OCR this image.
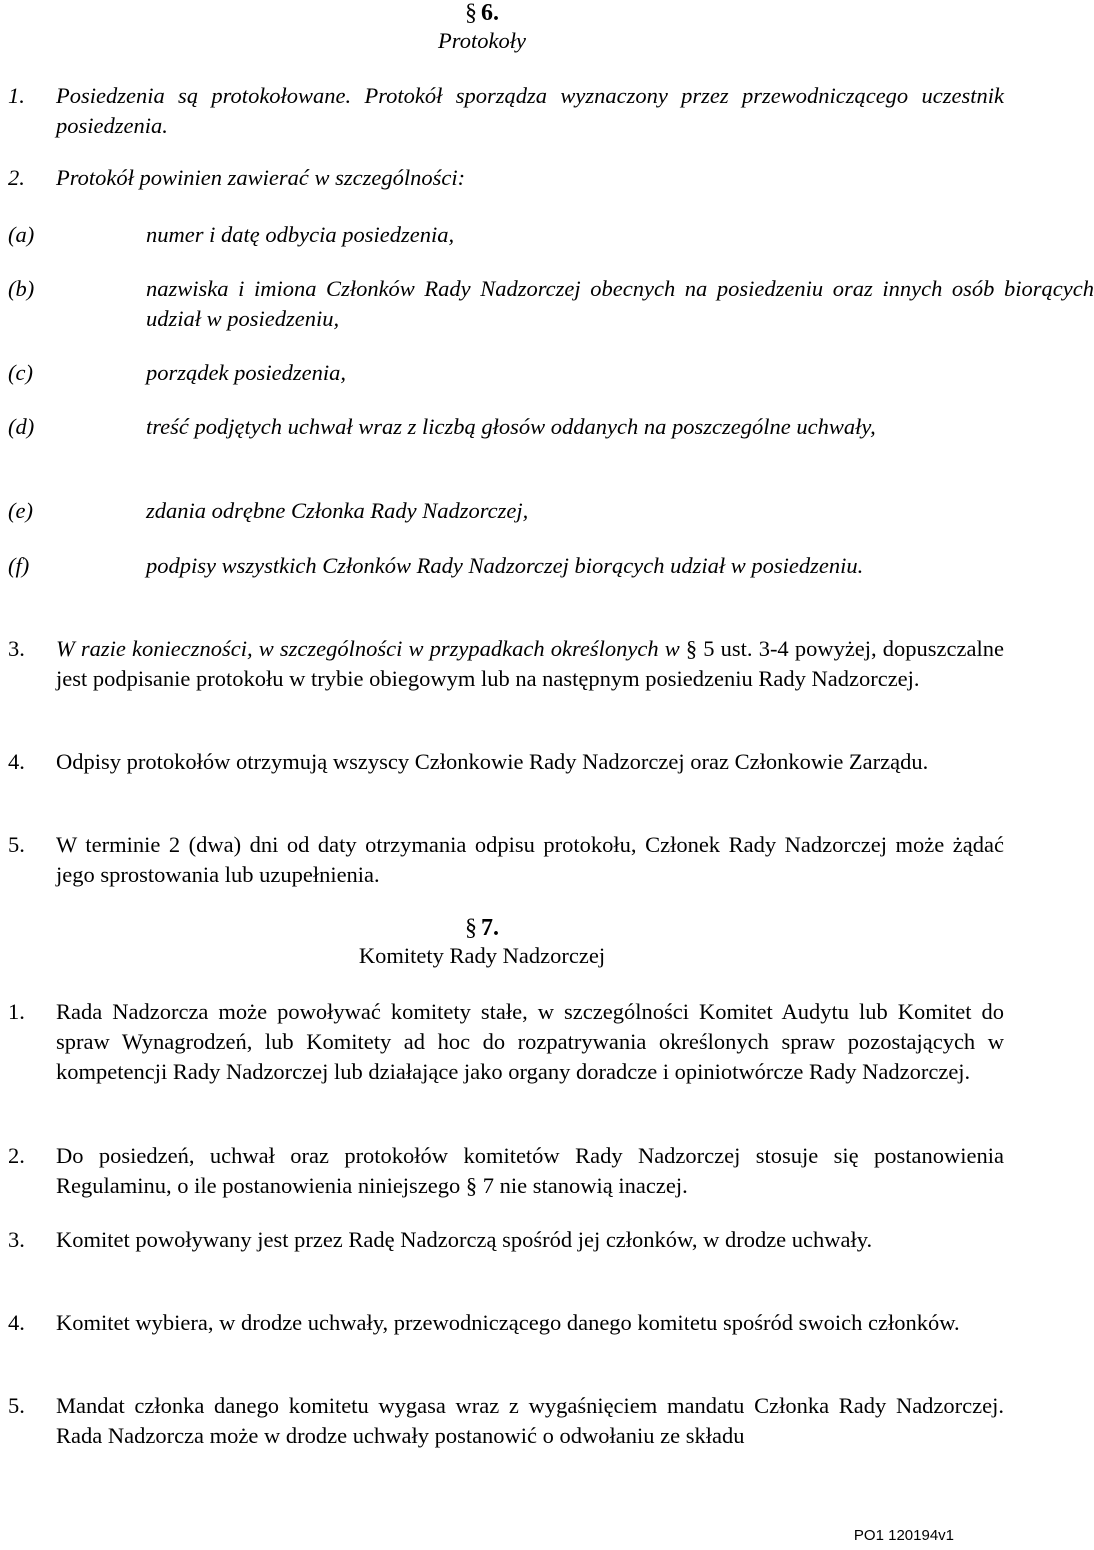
§ 6.
Protokoły
1. Posiedzenia są protokołowane. Protokół sporządza wyznaczony przez przewodniczącego uczestnik posiedzenia.
2. Protokół powinien zawierać w szczególności:
(a)	numer i datę odbycia posiedzenia,
(b)	nazwiska i imiona Członków Rady Nadzorczej obecnych na posiedzeniu oraz innych osób biorących udział w posiedzeniu,
(c)	porządek posiedzenia,
(d)	treść podjętych uchwał wraz z liczbą głosów oddanych na poszczególne uchwały,
(e)	zdania odrębne Członka Rady Nadzorczej,
(f)	podpisy wszystkich Członków Rady Nadzorczej biorących udział w posiedzeniu.
3. W razie konieczności, w szczególności w przypadkach określonych w § 5 ust. 3-4 powyżej, dopuszczalne jest podpisanie protokołu w trybie obiegowym lub na następnym posiedzeniu Rady Nadzorczej.
4. Odpisy protokołów otrzymują wszyscy Członkowie Rady Nadzorczej oraz Członkowie Zarządu.
5. W terminie 2 (dwa) dni od daty otrzymania odpisu protokołu, Członek Rady Nadzorczej może żądać jego sprostowania lub uzupełnienia.
§ 7.
Komitety Rady Nadzorczej
1. Rada Nadzorcza może powoływać komitety stałe, w szczególności Komitet Audytu lub Komitet do spraw Wynagrodzeń, lub Komitety ad hoc do rozpatrywania określonych spraw pozostających w kompetencji Rady Nadzorczej lub działające jako organy doradcze i opiniotwórcze Rady Nadzorczej.
2. Do posiedzeń, uchwał oraz protokołów komitetów Rady Nadzorczej stosuje się postanowienia Regulaminu, o ile postanowienia niniejszego § 7 nie stanowią inaczej.
3. Komitet powoływany jest przez Radę Nadzorczą spośród jej członków, w drodze uchwały.
4. Komitet wybiera, w drodze uchwały, przewodniczącego danego komitetu spośród swoich członków.
5. Mandat członka danego komitetu wygasa wraz z wygaśnięciem mandatu Członka Rady Nadzorczej. Rada Nadzorcza może w drodze uchwały postanowić o odwołaniu ze składu
PO1 120194v1
